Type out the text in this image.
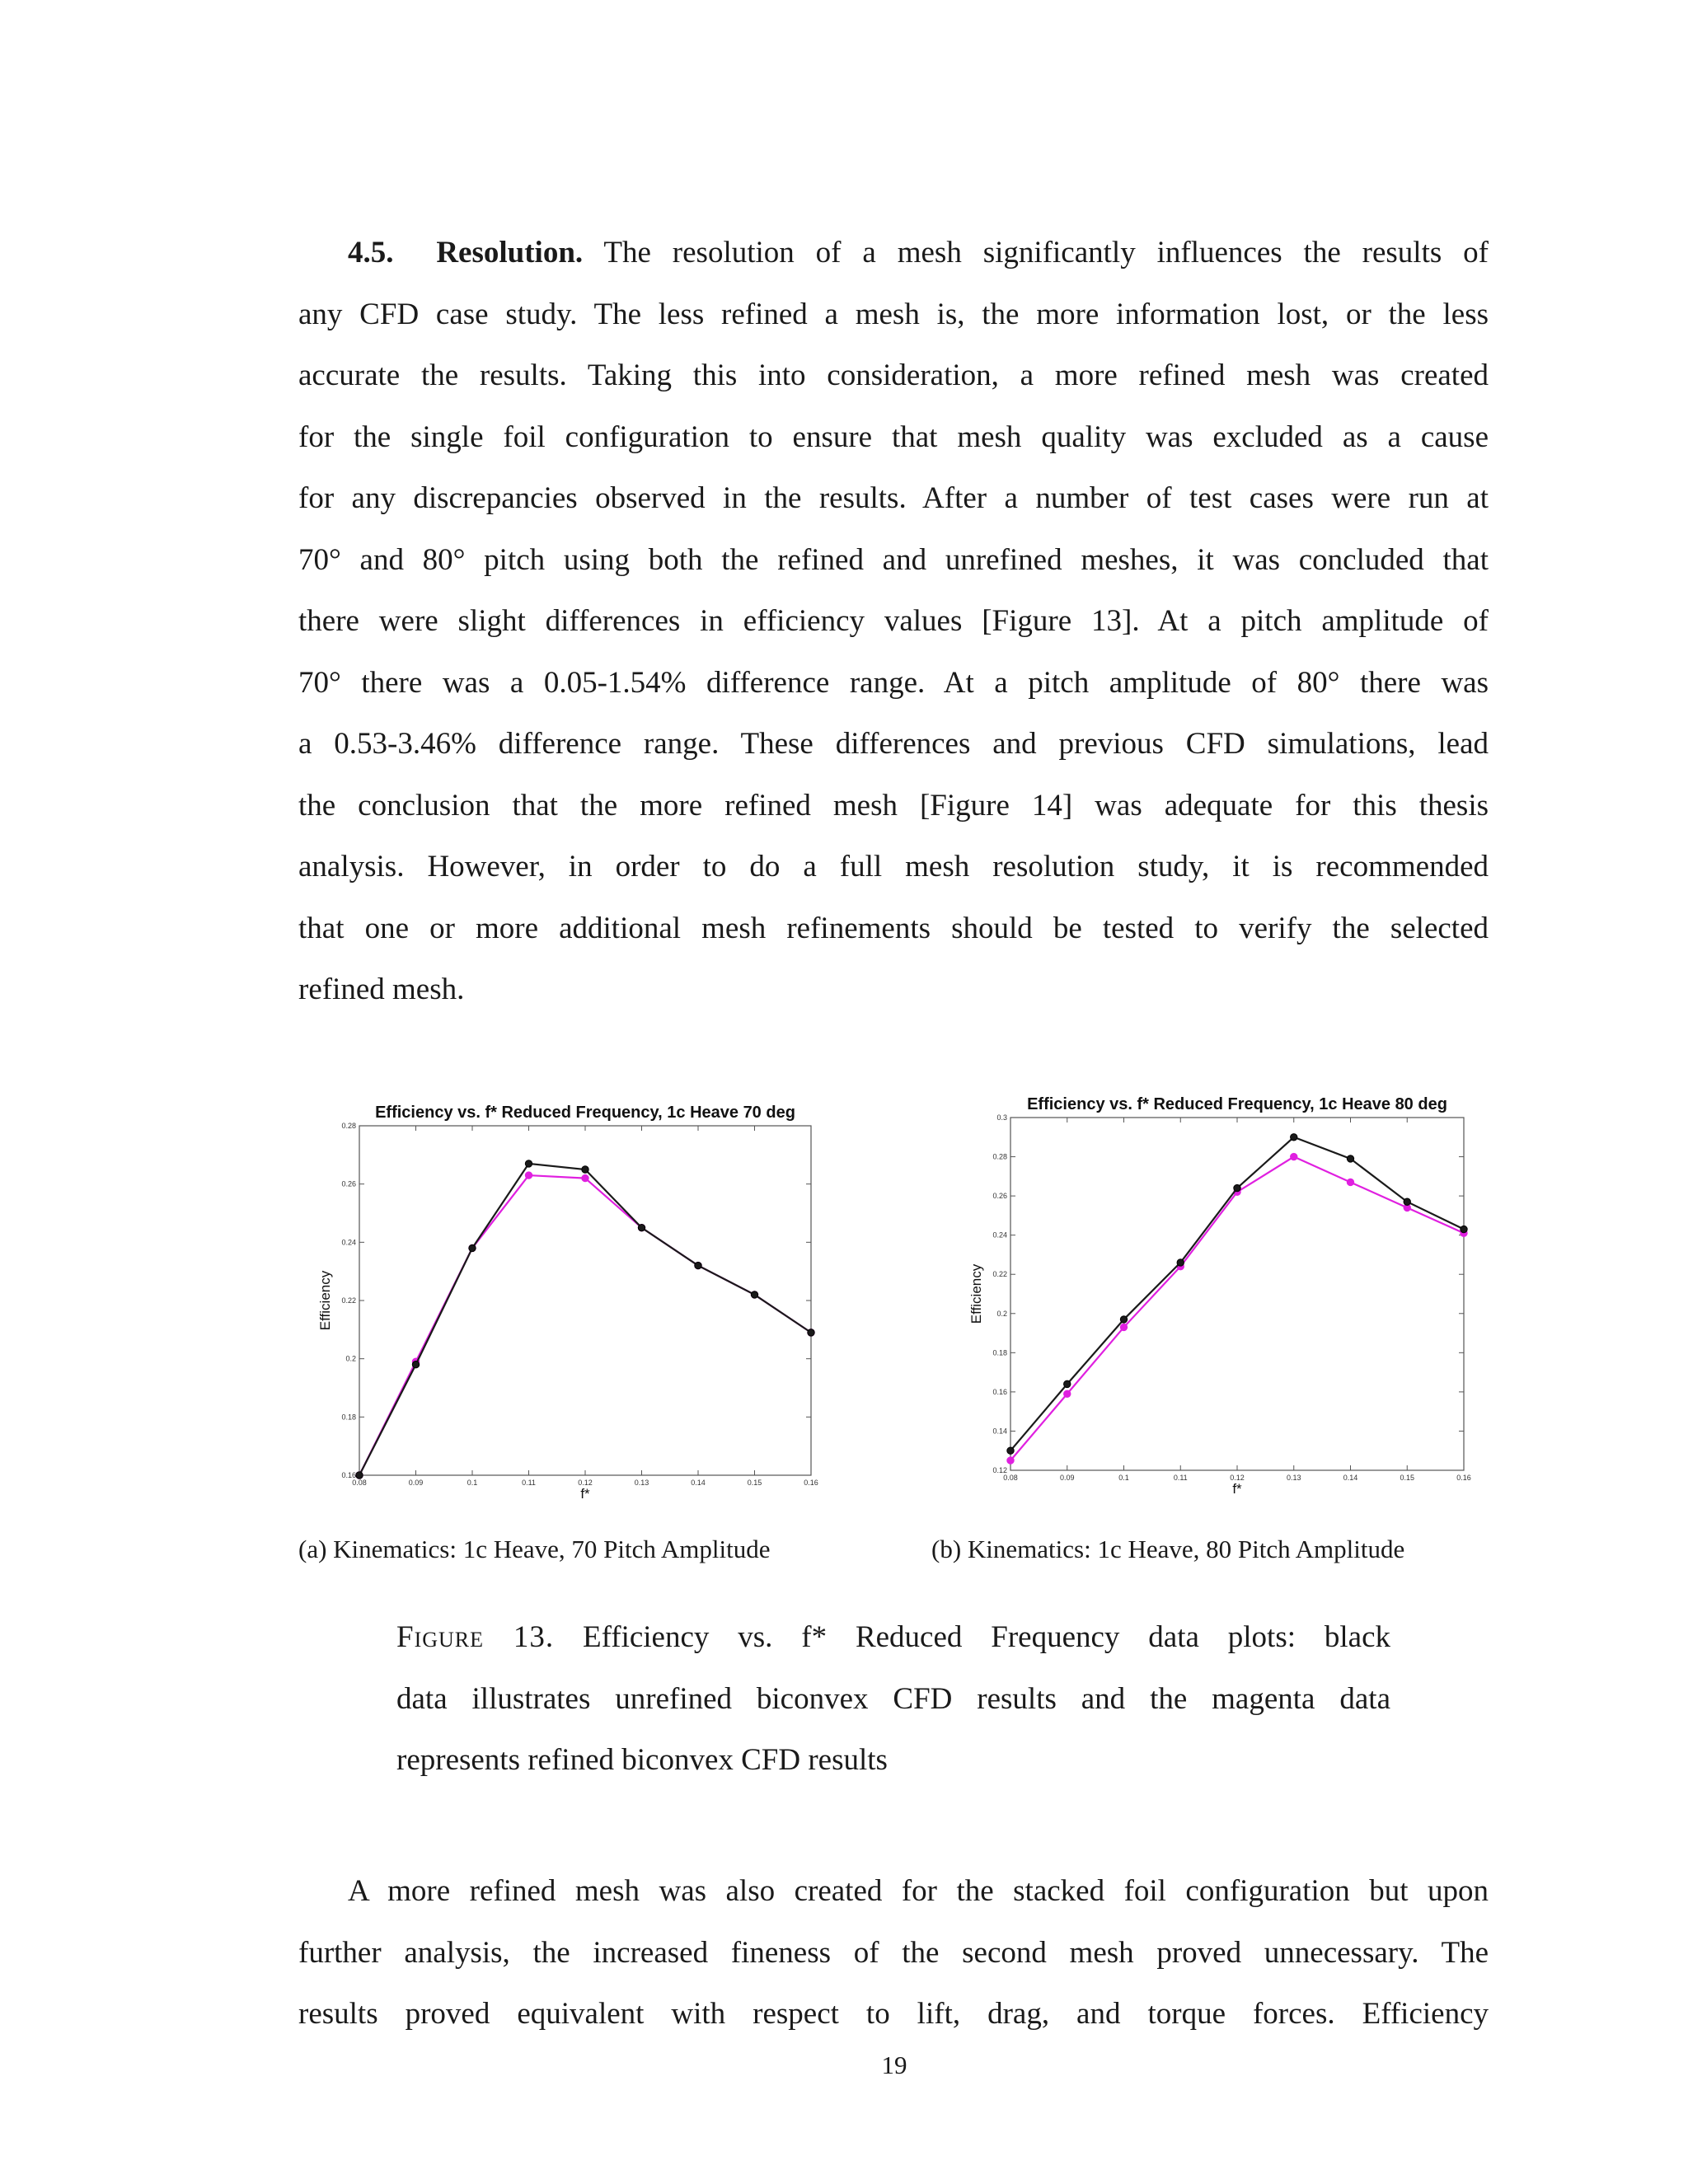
4.5. Resolution. The resolution of a mesh significantly influences the results of
any CFD case study. The less refined a mesh is, the more information lost, or the less
accurate the results. Taking this into consideration, a more refined mesh was created
for the single foil configuration to ensure that mesh quality was excluded as a cause
for any discrepancies observed in the results. After a number of test cases were run at
70° and 80° pitch using both the refined and unrefined meshes, it was concluded that
there were slight differences in efficiency values [Figure 13]. At a pitch amplitude of
70° there was a 0.05-1.54% difference range. At a pitch amplitude of 80° there was
a 0.53-3.46% difference range. These differences and previous CFD simulations, lead
the conclusion that the more refined mesh [Figure 14] was adequate for this thesis
analysis. However, in order to do a full mesh resolution study, it is recommended
that one or more additional mesh refinements should be tested to verify the selected
refined mesh.
Efficiency vs. f* Reduced Frequency, 1c Heave 70 deg
0.08	0.09	0.1	0.11	0.12	0.13	0.14	0.15	0.16
0.16
0.18
0.2
0.22
0.24
0.26
0.28
f*
Efficiency
Efficiency vs. f* Reduced Frequency, 1c Heave 80 deg
0.08	0.09	0.1	0.11	0.12	0.13	0.14	0.15	0.16
0.12
0.14
0.16
0.18
0.2
0.22
0.24
0.26
0.28
0.3
f*
Efficiency
(a) Kinematics: 1c Heave, 70 Pitch Amplitude	(b) Kinematics: 1c Heave, 80 Pitch Amplitude
Figure 13. Efficiency vs. f* Reduced Frequency data plots: black
data illustrates unrefined biconvex CFD results and the magenta data
represents refined biconvex CFD results
A more refined mesh was also created for the stacked foil configuration but upon
further analysis, the increased fineness of the second mesh proved unnecessary. The
results proved equivalent with respect to lift, drag, and torque forces. Efficiency
19
